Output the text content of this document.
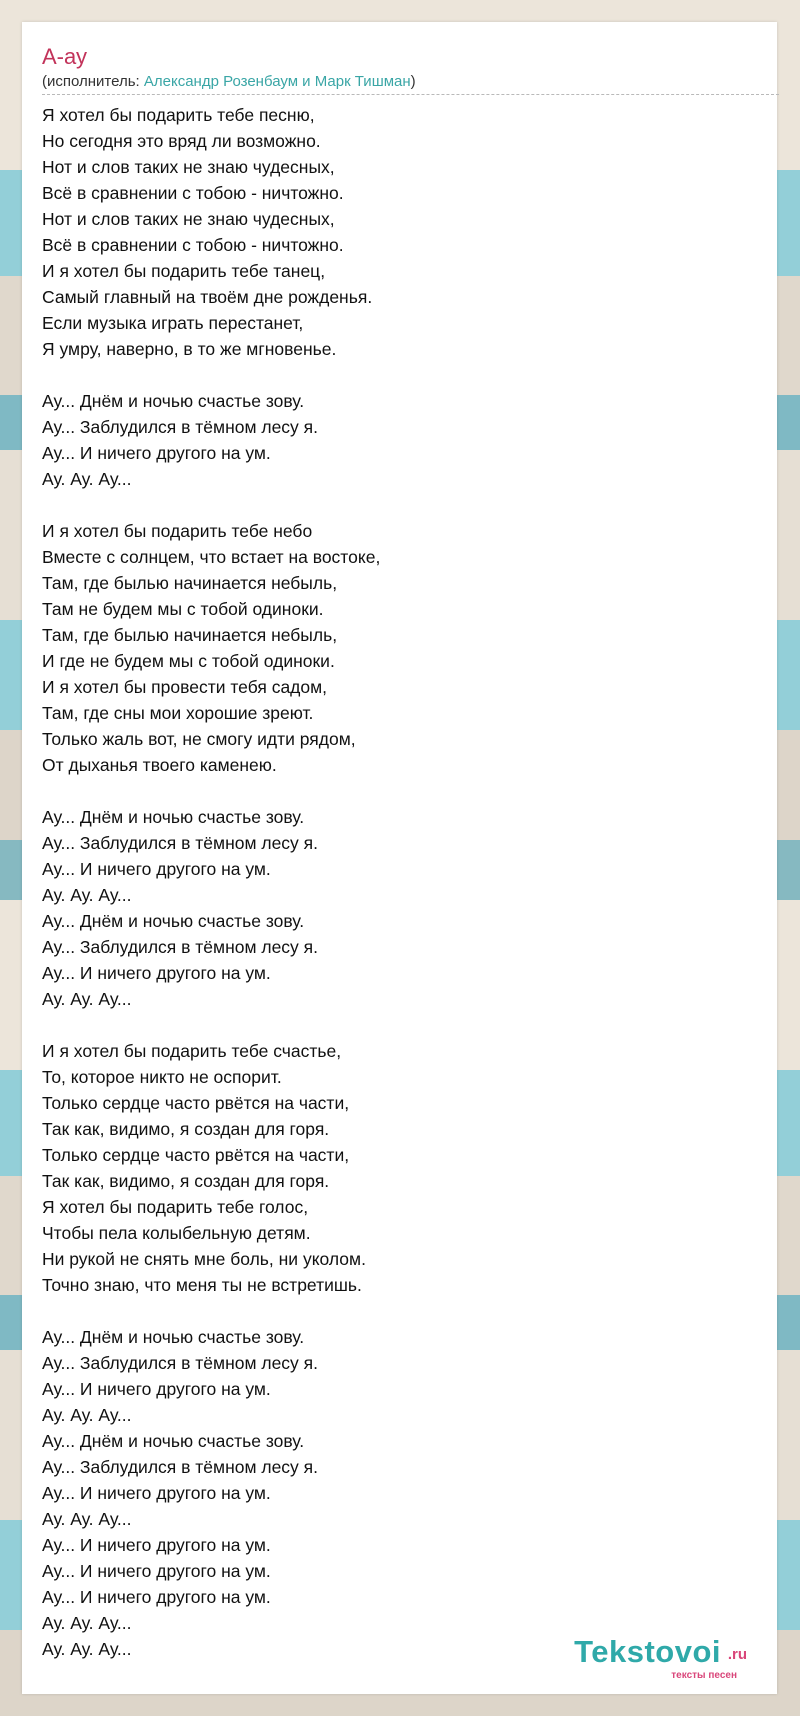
А-ау
(исполнитель: Александр Розенбаум и Марк Тишман)
Я хотел бы подарить тебе песню,
Но сегодня это вряд ли возможно.
Нот и слов таких не знаю чудесных,
Всё в сравнении с тобою - ничтожно.
Нот и слов таких не знаю чудесных,
Всё в сравнении с тобою - ничтожно.
И я хотел бы подарить тебе танец,
Самый главный на твоём дне рожденья.
Если музыка играть перестанет,
Я умру, наверно, в то же мгновенье.
Ау... Днём и ночью счастье зову.
Ау... Заблудился в тёмном лесу я.
Ау... И ничего другого на ум.
Ау. Ау. Ау...
И я хотел бы подарить тебе небо
Вместе с солнцем, что встает на востоке,
Там, где былью начинается небыль,
Там не будем мы с тобой одиноки.
Там, где былью начинается небыль,
И где не будем мы с тобой одиноки.
И я хотел бы провести тебя садом,
Там, где сны мои хорошие зреют.
Только жаль вот, не смогу идти рядом,
От дыханья твоего каменею.
Ау... Днём и ночью счастье зову.
Ау... Заблудился в тёмном лесу я.
Ау... И ничего другого на ум.
Ау. Ау. Ау...
Ау... Днём и ночью счастье зову.
Ау... Заблудился в тёмном лесу я.
Ау... И ничего другого на ум.
Ау. Ау. Ау...
И я хотел бы подарить тебе счастье,
То, которое никто не оспорит.
Только сердце часто рвётся на части,
Так как, видимо, я создан для горя.
Только сердце часто рвётся на части,
Так как, видимо, я создан для горя.
Я хотел бы подарить тебе голос,
Чтобы пела колыбельную детям.
Ни рукой не снять мне боль, ни уколом.
Точно знаю, что меня ты не встретишь.
Ау... Днём и ночью счастье зову.
Ау... Заблудился в тёмном лесу я.
Ау... И ничего другого на ум.
Ау. Ау. Ау...
Ау... Днём и ночью счастье зову.
Ау... Заблудился в тёмном лесу я.
Ау... И ничего другого на ум.
Ау. Ау. Ау...
Ау... И ничего другого на ум.
Ау... И ничего другого на ум.
Ау... И ничего другого на ум.
Ау. Ау. Ау...
Ау. Ау. Ау...	Tekstovoi .ru
тексты песен
